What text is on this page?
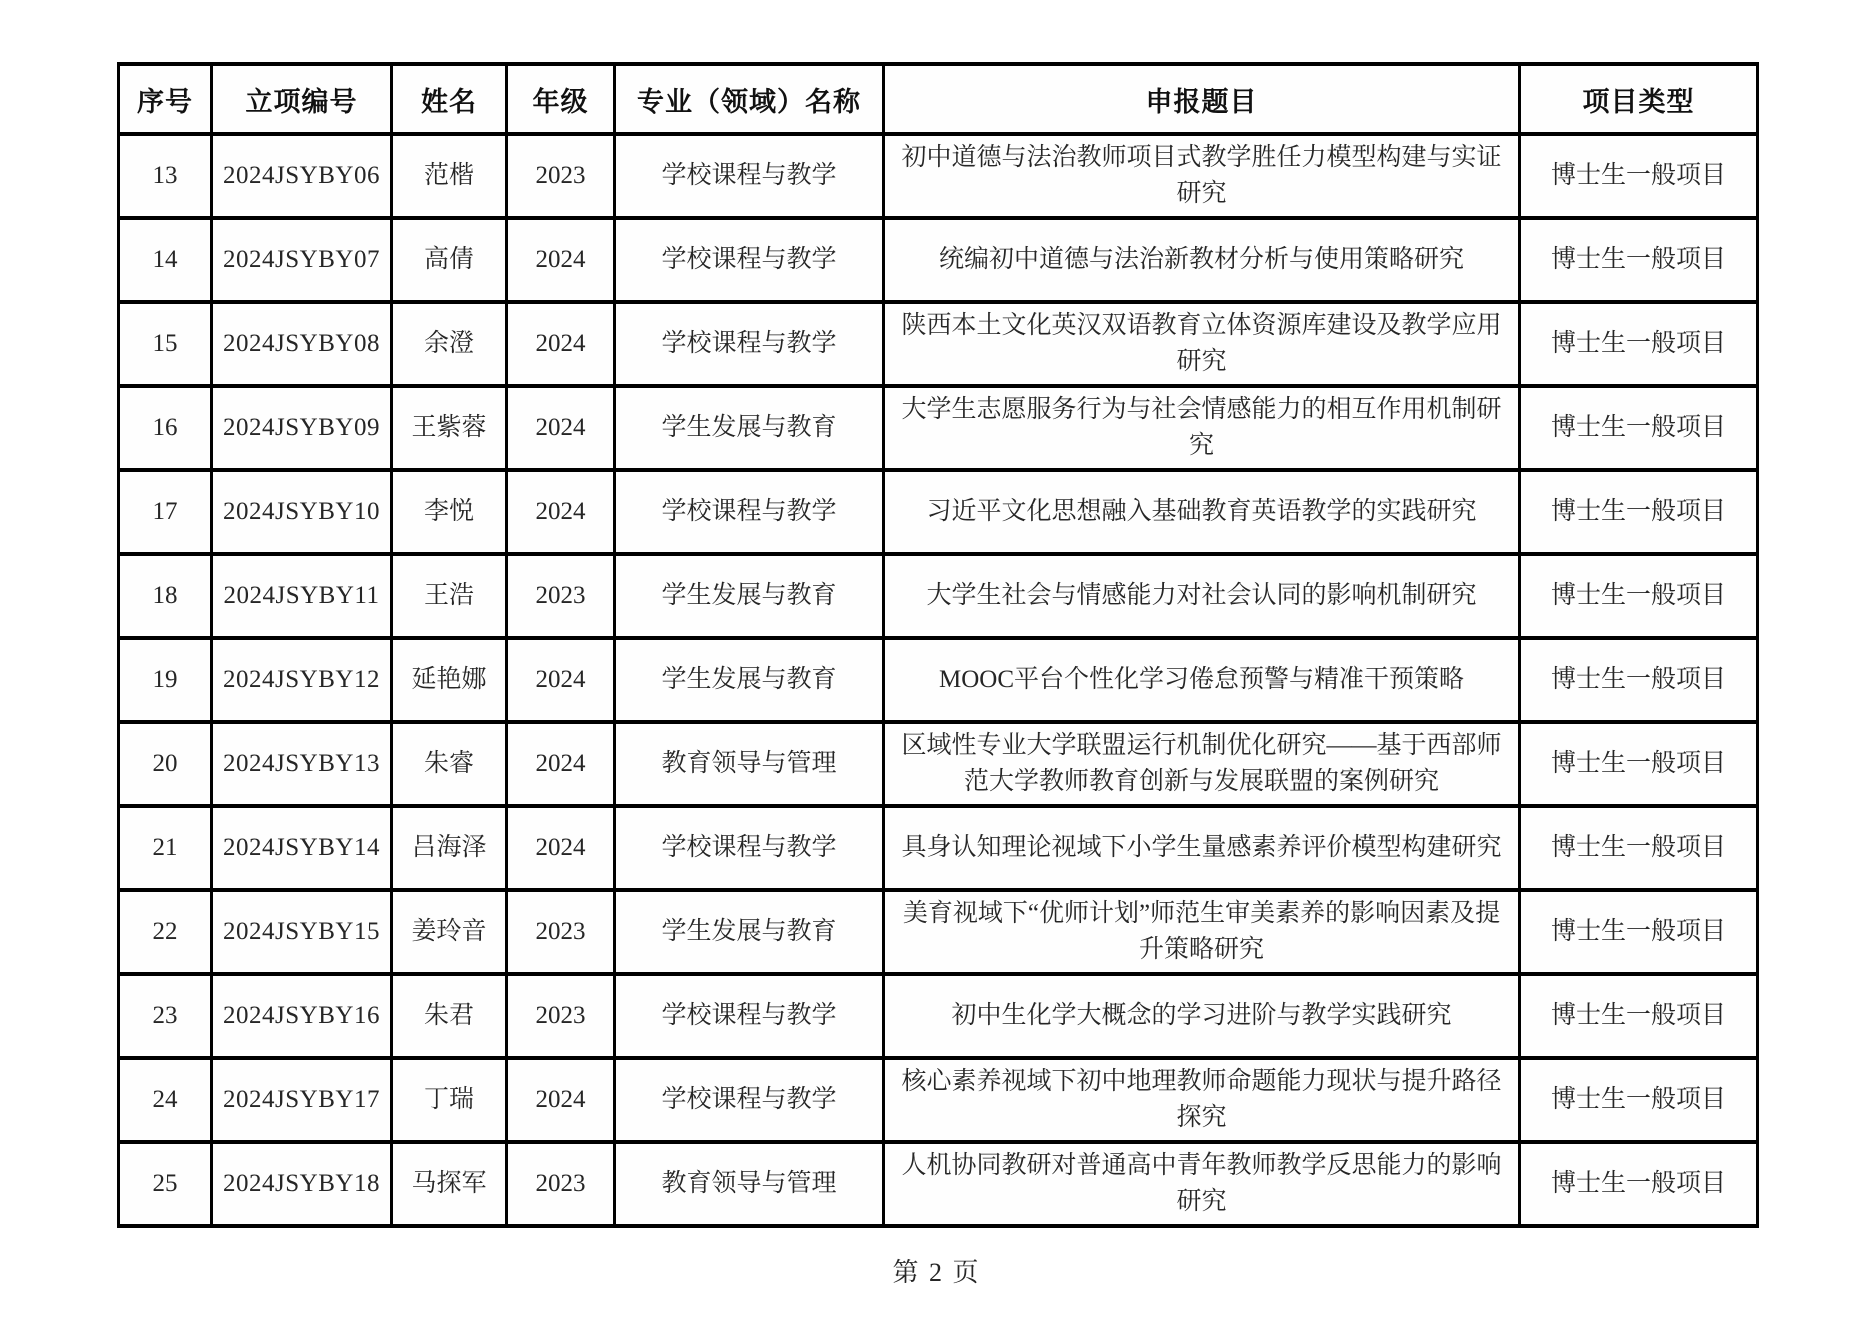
序号	立项编号	姓名	年级	专业（领域）名称	申报题目	项目类型
13	2024JSYBY06	范楷	2023	学校课程与教学	初中道德与法治教师项目式教学胜任力模型构建与实证研究	博士生一般项目
14	2024JSYBY07	高倩	2024	学校课程与教学	统编初中道德与法治新教材分析与使用策略研究	博士生一般项目
15	2024JSYBY08	余澄	2024	学校课程与教学	陕西本土文化英汉双语教育立体资源库建设及教学应用研究	博士生一般项目
16	2024JSYBY09	王紫蓉	2024	学生发展与教育	大学生志愿服务行为与社会情感能力的相互作用机制研究	博士生一般项目
17	2024JSYBY10	李悦	2024	学校课程与教学	习近平文化思想融入基础教育英语教学的实践研究	博士生一般项目
18	2024JSYBY11	王浩	2023	学生发展与教育	大学生社会与情感能力对社会认同的影响机制研究	博士生一般项目
19	2024JSYBY12	延艳娜	2024	学生发展与教育	MOOC平台个性化学习倦怠预警与精准干预策略	博士生一般项目
20	2024JSYBY13	朱睿	2024	教育领导与管理	区域性专业大学联盟运行机制优化研究——基于西部师范大学教师教育创新与发展联盟的案例研究	博士生一般项目
21	2024JSYBY14	吕海泽	2024	学校课程与教学	具身认知理论视域下小学生量感素养评价模型构建研究	博士生一般项目
22	2024JSYBY15	姜玲音	2023	学生发展与教育	美育视域下“优师计划”师范生审美素养的影响因素及提升策略研究	博士生一般项目
23	2024JSYBY16	朱君	2023	学校课程与教学	初中生化学大概念的学习进阶与教学实践研究	博士生一般项目
24	2024JSYBY17	丁瑞	2024	学校课程与教学	核心素养视域下初中地理教师命题能力现状与提升路径探究	博士生一般项目
25	2024JSYBY18	马探军	2023	教育领导与管理	人机协同教研对普通高中青年教师教学反思能力的影响研究	博士生一般项目
第 2 页
